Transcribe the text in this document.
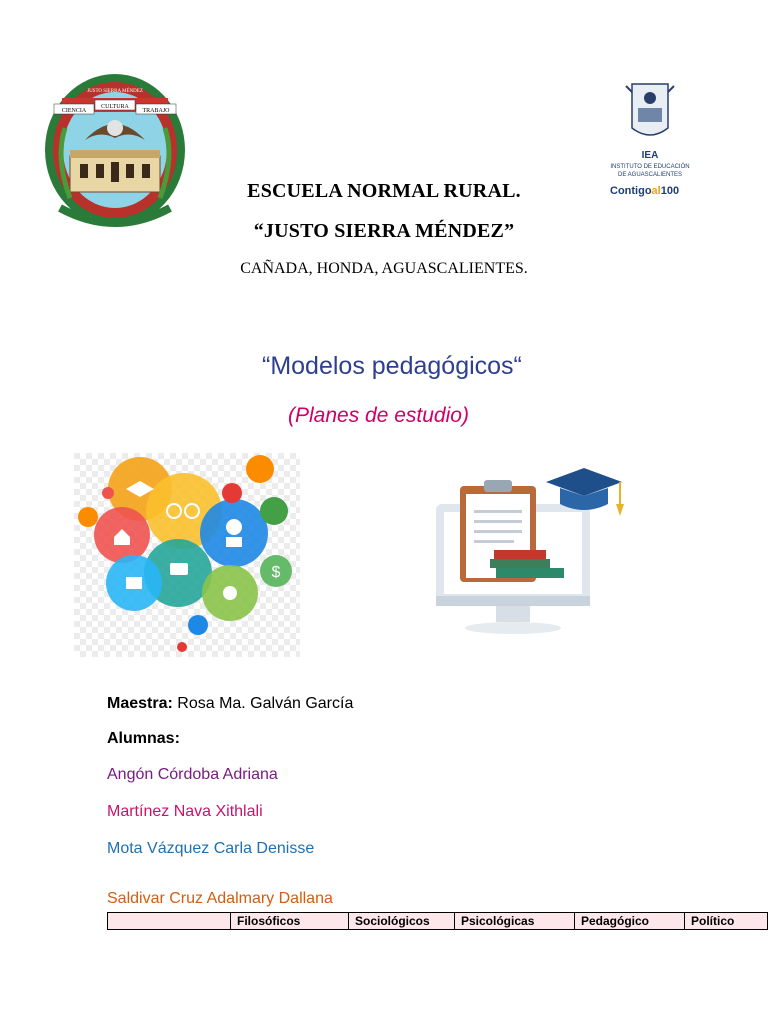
CIENCIA
CULTURA
TRABAJO
JUSTO SIERRA MÉNDEZ
IEA
INSTITUTO DE EDUCACIÓN
DE AGUASCALIENTES
Contigoal100
ESCUELA NORMAL RURAL.
“JUSTO SIERRA MÉNDEZ”
CAÑADA, HONDA, AGUASCALIENTES.
“Modelos pedagógicos“
(Planes de estudio)
$
Maestra: Rosa Ma. Galván García
Alumnas:
Angón Córdoba Adriana
Martínez Nava Xithlali
Mota Vázquez Carla Denisse
Saldivar Cruz Adalmary Dallana
	Filosóficos	Sociológicos	Psicológicas	Pedagógico	Político
